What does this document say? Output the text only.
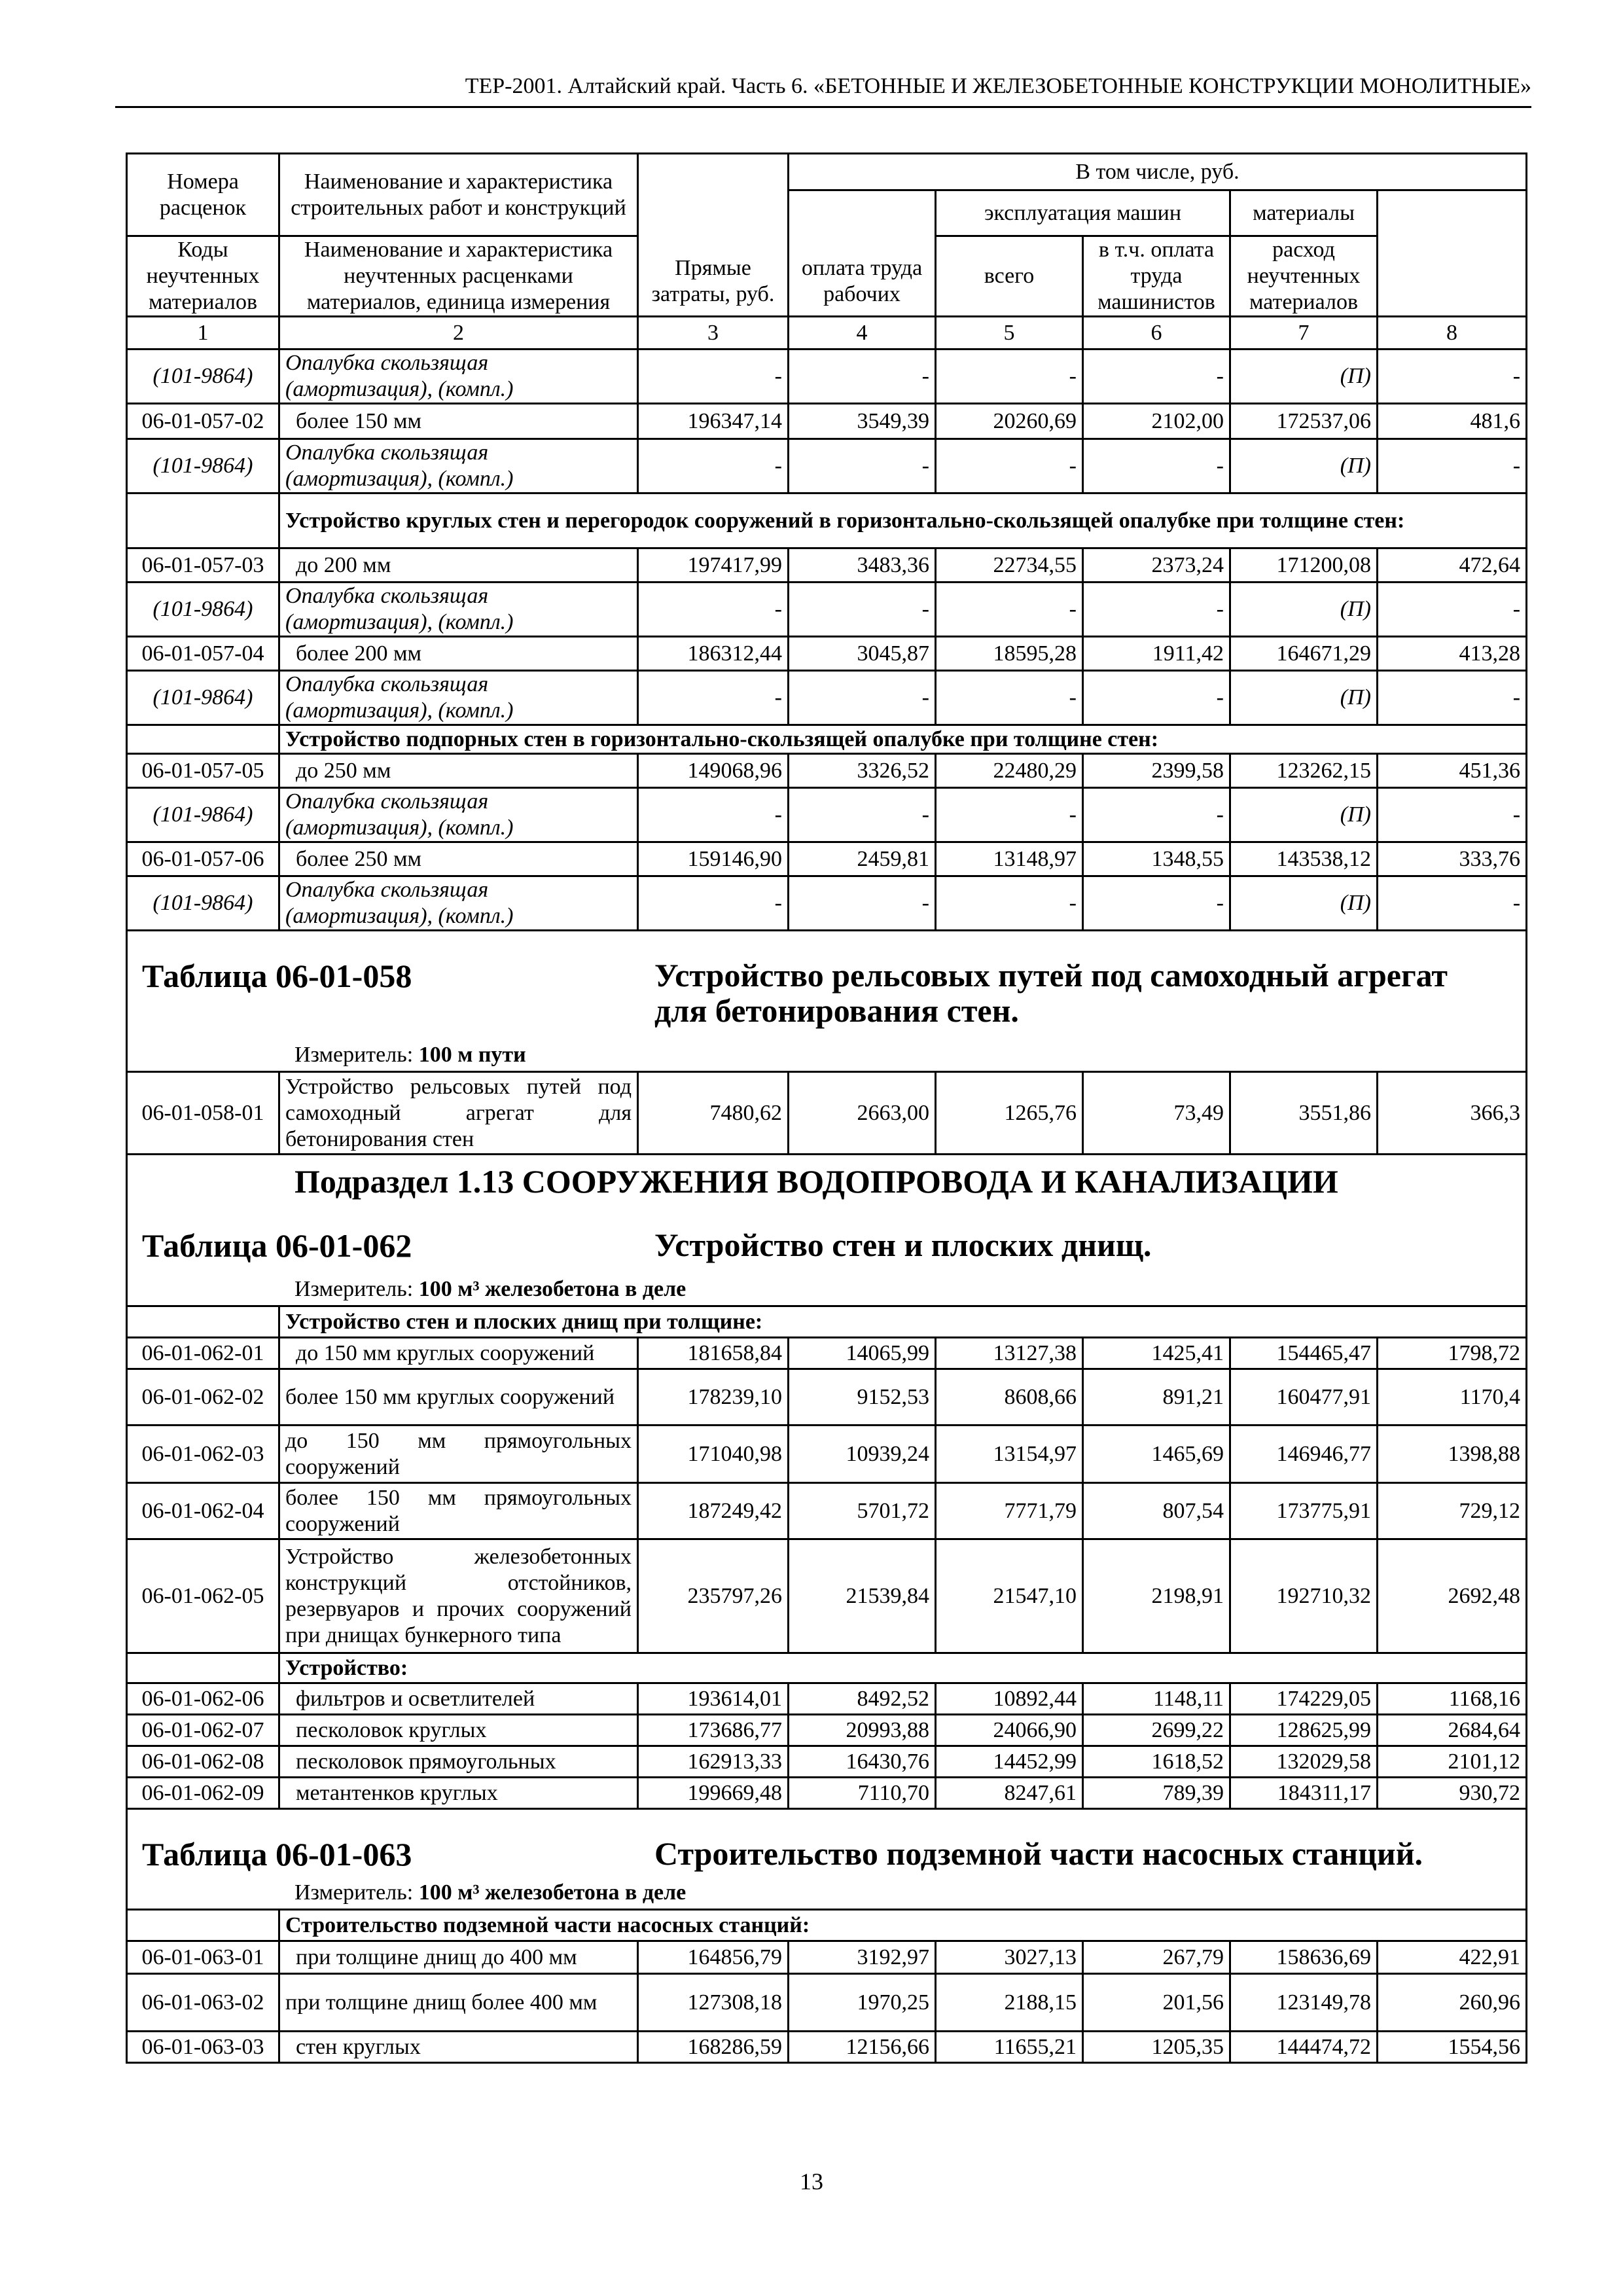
ТЕР-2001. Алтайский край. Часть 6. «БЕТОННЫЕ И ЖЕЛЕЗОБЕТОННЫЕ КОНСТРУКЦИИ МОНОЛИТНЫЕ»
Номера расценок	Наименование и характеристика строительных работ и конструкций	Прямые затраты, руб.	В том числе, руб.	
			оплата труда рабочих	эксплуатация машин		материалы		
Коды неучтенных материалов	Наименование и характеристика неучтенных расценками материалов, единица измерения			всего	в т.ч. оплата труда машинистов	расход неучтенных материалов		
1	2	3	4	5	6	7	8	
(101-9864)	Опалубка скользящая (амортизация), (компл.)	-	-	-	-	(П)	-	
06-01-057-02	более 150 мм	196347,14	3549,39	20260,69	2102,00	172537,06	481,6	
(101-9864)	Опалубка скользящая (амортизация), (компл.)	-	-	-	-	(П)	-	
	Устройство круглых стен и перегородок сооружений в горизонтально-скользящей опалубке при толщине стен:							
06-01-057-03	до 200 мм	197417,99	3483,36	22734,55	2373,24	171200,08	472,64	
(101-9864)	Опалубка скользящая (амортизация), (компл.)	-	-	-	-	(П)	-	
06-01-057-04	более 200 мм	186312,44	3045,87	18595,28	1911,42	164671,29	413,28	
(101-9864)	Опалубка скользящая (амортизация), (компл.)	-	-	-	-	(П)	-	
	Устройство подпорных стен в горизонтально-скользящей опалубке при толщине стен:							
06-01-057-05	до 250 мм	149068,96	3326,52	22480,29	2399,58	123262,15	451,36	
(101-9864)	Опалубка скользящая (амортизация), (компл.)	-	-	-	-	(П)	-	
06-01-057-06	более 250 мм	159146,90	2459,81	13148,97	1348,55	143538,12	333,76	
(101-9864)	Опалубка скользящая (амортизация), (компл.)	-	-	-	-	(П)	-	

Таблица 06-01-058 Устройство рельсовых путей под самоходный агрегат для бетонирования стен.
Измеритель: 100 м пути								

06-01-058-01	Устройство рельсовых путей под самоходный агрегат для бетонирования стен	7480,62	2663,00	1265,76	73,49	3551,86	366,3	

Подраздел 1.13 СООРУЖЕНИЯ ВОДОПРОВОДА И КАНАЛИЗАЦИИ
Таблица 06-01-062 Устройство стен и плоских днищ.
Измеритель: 100 м³ железобетона в деле								

	Устройство стен и плоских днищ при толщине:							
06-01-062-01	до 150 мм круглых сооружений	181658,84	14065,99	13127,38	1425,41	154465,47	1798,72	
06-01-062-02	более 150 мм круглых сооружений	178239,10	9152,53	8608,66	891,21	160477,91	1170,4	
06-01-062-03	до 150 мм прямоугольных сооружений	171040,98	10939,24	13154,97	1465,69	146946,77	1398,88	
06-01-062-04	более 150 мм прямоугольных сооружений	187249,42	5701,72	7771,79	807,54	173775,91	729,12	
06-01-062-05	Устройство железобетонных конструкций отстойников, резервуаров и прочих сооружений при днищах бункерного типа	235797,26	21539,84	21547,10	2198,91	192710,32	2692,48	
	Устройство:							
06-01-062-06	фильтров и осветлителей	193614,01	8492,52	10892,44	1148,11	174229,05	1168,16	
06-01-062-07	песколовок круглых	173686,77	20993,88	24066,90	2699,22	128625,99	2684,64	
06-01-062-08	песколовок прямоугольных	162913,33	16430,76	14452,99	1618,52	132029,58	2101,12	
06-01-062-09	метантенков круглых	199669,48	7110,70	8247,61	789,39	184311,17	930,72	

Таблица 06-01-063 Строительство подземной части насосных станций.
Измеритель: 100 м³ железобетона в деле								

	Строительство подземной части насосных станций:							
06-01-063-01	при толщине днищ до 400 мм	164856,79	3192,97	3027,13	267,79	158636,69	422,91	
06-01-063-02	при толщине днищ более 400 мм	127308,18	1970,25	2188,15	201,56	123149,78	260,96	
06-01-063-03	стен круглых	168286,59	12156,66	11655,21	1205,35	144474,72	1554,56	
13
